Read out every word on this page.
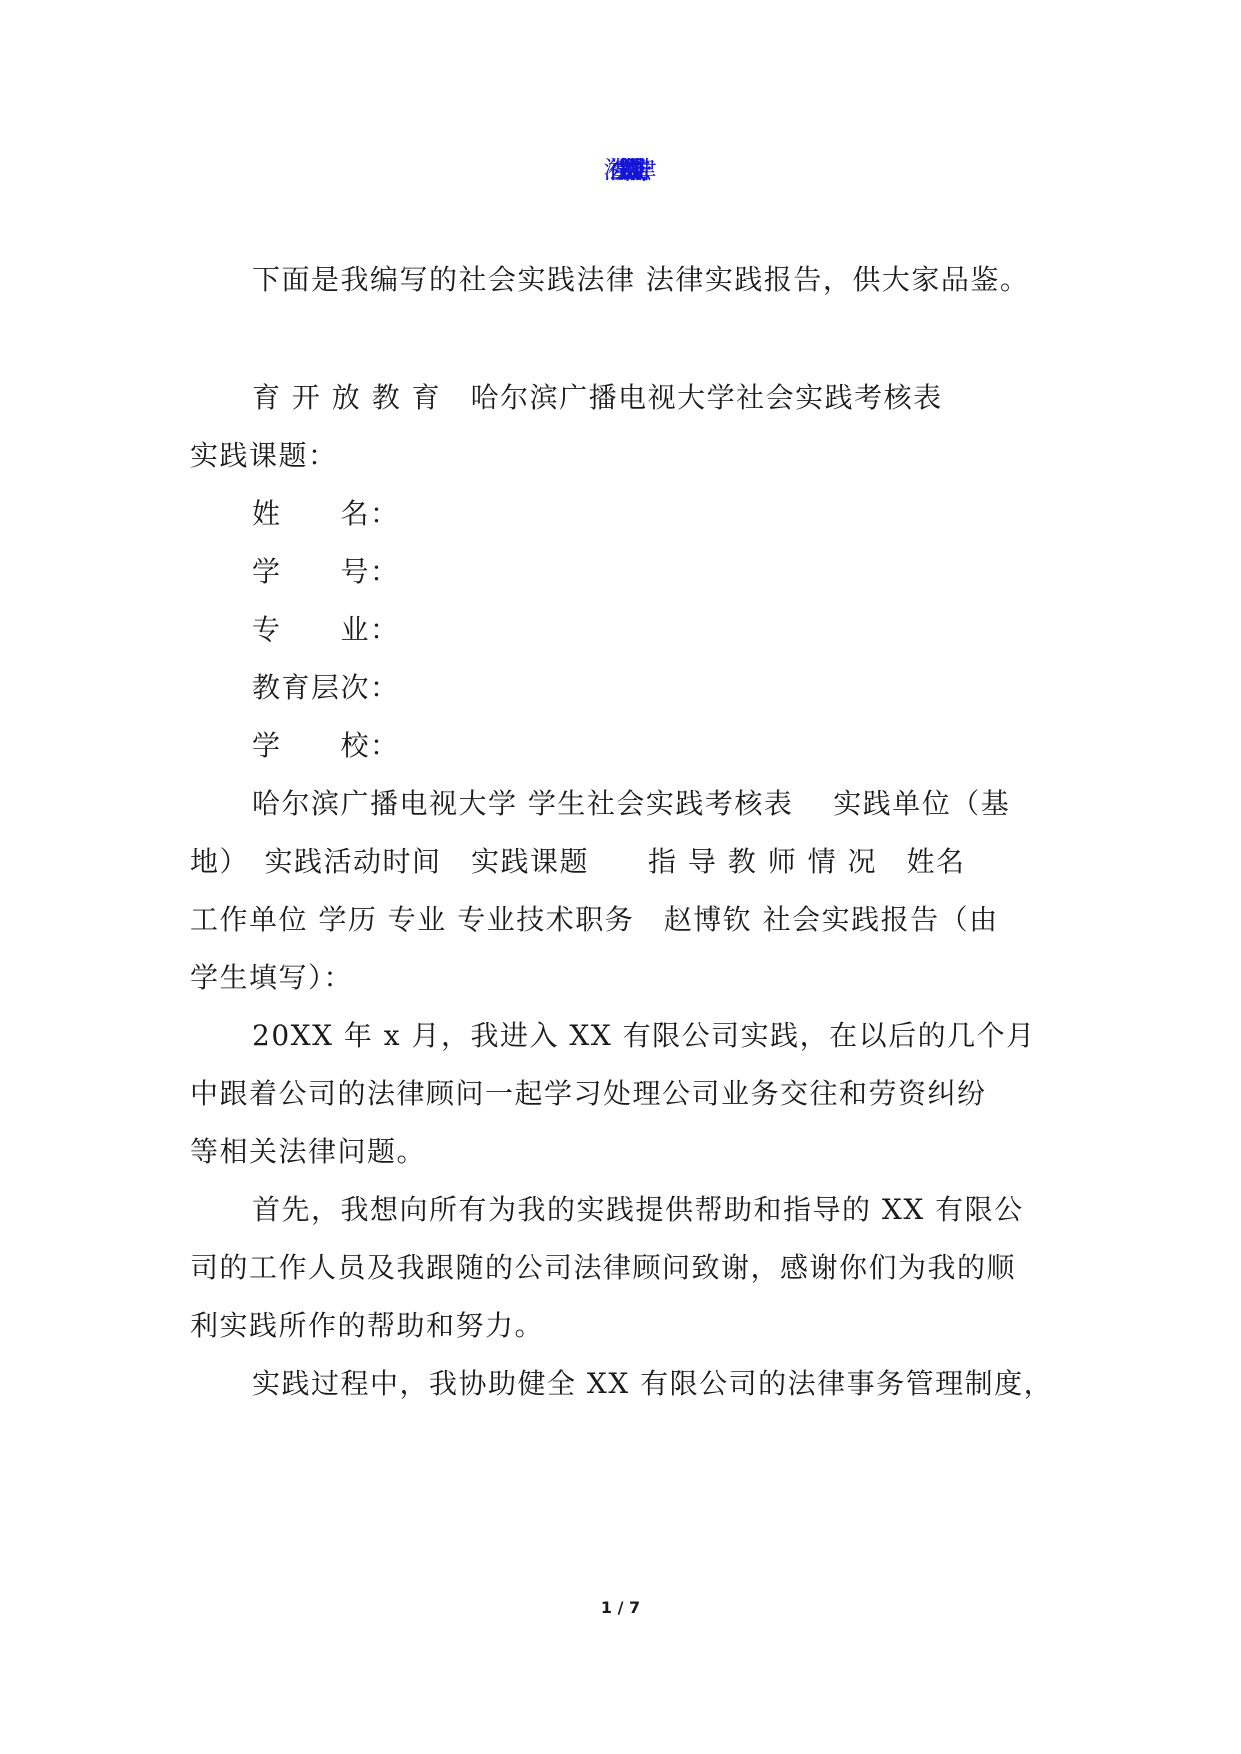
社会实践法律(1) 法律实践报告
下面是我编写的社会实践法律 法律实践报告，供大家品鉴。
育 开 放 教 育　哈尔滨广播电视大学社会实践考核表
实践课题：
姓　　名：
学　　号：
专　　业：
教育层次：
学　　校：
哈尔滨广播电视大学 学生社会实践考核表　 实践单位（基
地）　实践活动时间　实践课题　　指 导 教 师 情 况　姓名
工作单位 学历 专业 专业技术职务　赵博钦 社会实践报告（由
学生填写）：
20XX 年 x 月，我进入 XX 有限公司实践，在以后的几个月
中跟着公司的法律顾问一起学习处理公司业务交往和劳资纠纷
等相关法律问题。
首先，我想向所有为我的实践提供帮助和指导的 XX 有限公
司的工作人员及我跟随的公司法律顾问致谢，感谢你们为我的顺
利实践所作的帮助和努力。
实践过程中，我协助健全 XX 有限公司的法律事务管理制度，
1 / 7
